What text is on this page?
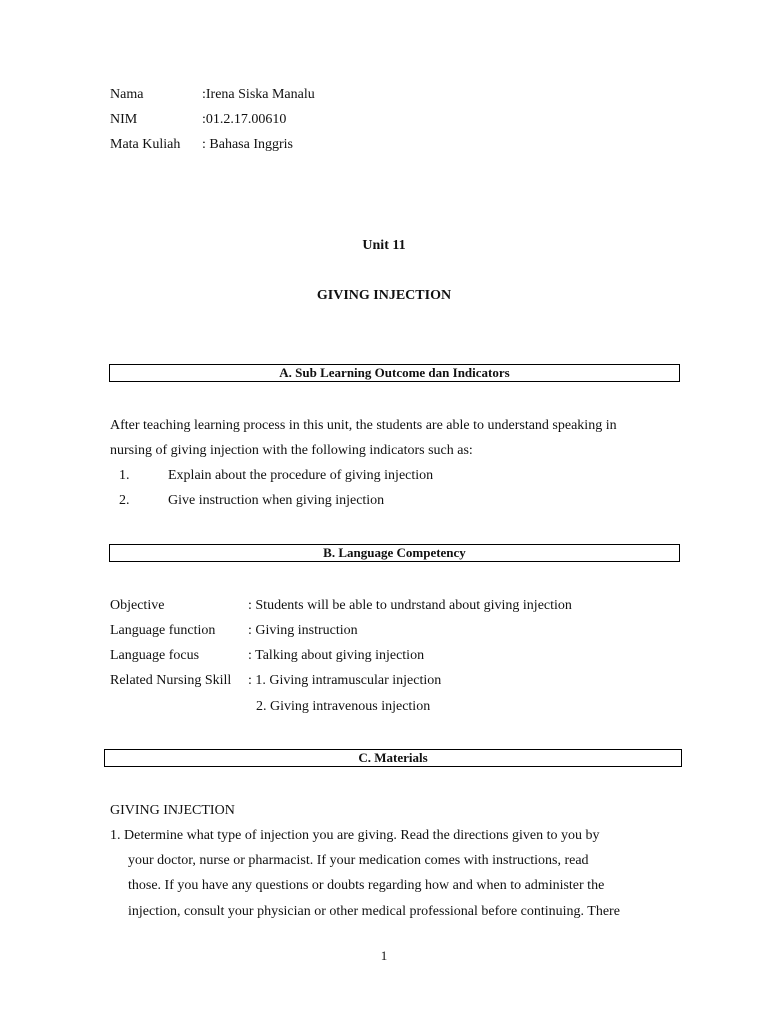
Nama	:Irena Siska Manalu
NIM	:01.2.17.00610
Mata Kuliah : Bahasa Inggris
Unit 11
GIVING INJECTION
A. Sub Learning Outcome dan Indicators
After teaching learning process in this unit, the students are able to understand speaking in
nursing of giving injection with the following indicators such as:
1.	Explain about the procedure of giving injection
2.	Give instruction when giving injection
B. Language Competency
Objective	: Students will be able to undrstand about giving injection
Language function : Giving instruction
Language focus	: Talking about giving injection
Related Nursing Skill : 1. Giving intramuscular injection
2. Giving intravenous injection
C. Materials
GIVING INJECTION
1. Determine what type of injection you are giving. Read the directions given to you by
your doctor, nurse or pharmacist. If your medication comes with instructions, read
those. If you have any questions or doubts regarding how and when to administer the
injection, consult your physician or other medical professional before continuing. There
1
